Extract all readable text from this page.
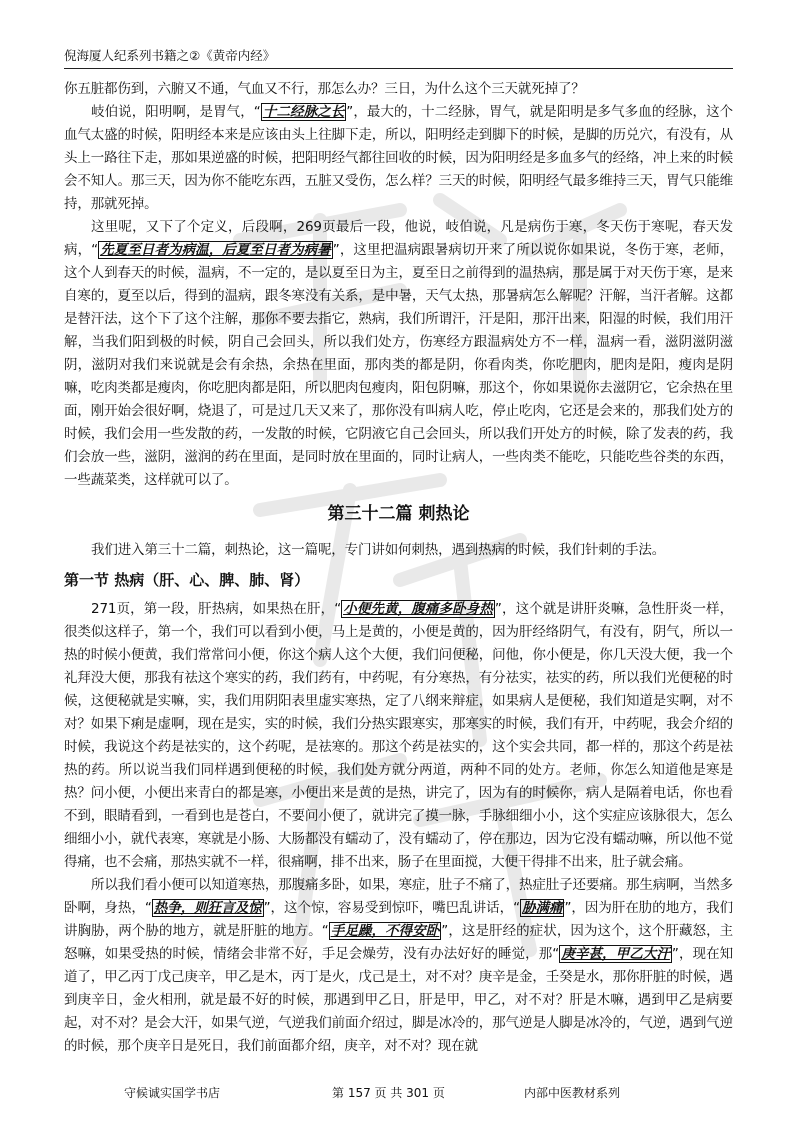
倪海厦人纪系列书籍之②《黄帝内经》

你五脏都伤到，六腑又不通，气血又不行，那怎么办？三日，为什么这个三天就死掉了？

岐伯说，阳明啊，是胃气，“ 十二经脉之长 ”，最大的，十二经脉，胃气，就是阳明是多气多血的经脉，这个血气太盛的时候，阳明经本来是应该由头上往脚下走，所以，阳明经走到脚下的时候，是脚的历兑穴，有没有，从头上一路往下走，那如果逆盛的时候，把阳明经气都往回收的时候，因为阳明经是多血多气的经络，冲上来的时候会不知人。那三天，因为你不能吃东西，五脏又受伤，怎么样？三天的时候，阳明经气最多维持三天，胃气只能维持，那就死掉。

这里呢，又下了个定义，后段啊，269页最后一段，他说，岐伯说，凡是病伤于寒，冬天伤于寒呢，春天发病，“ 先夏至日者为病温，后夏至日者为病暑 ”，这里把温病跟暑病切开来了所以说你如果说，冬伤于寒，老师，这个人到春天的时候，温病，不一定的，是以夏至日为主，夏至日之前得到的温热病，那是属于对天伤于寒，是来自寒的，夏至以后，得到的温病，跟冬寒没有关系，是中暑，天气太热，那暑病怎么解呢？汗解，当汗者解。这都是替汗法，这个下了这个注解，那你不要去指它，熟病，我们所谓汗，汗是阳，那汗出来，阳湿的时候，我们用汗解，当我们阳到极的时候，阴自己会回头，所以我们处方，伤寒经方跟温病处方不一样，温病一看，滋阴滋阴滋阴，滋阴对我们来说就是会有余热，余热在里面，那肉类的都是阴，你看肉类，你吃肥肉，肥肉是阳，瘦肉是阴嘛，吃肉类都是瘦肉，你吃肥肉都是阳，所以肥肉包瘦肉，阳包阴嘛，那这个，你如果说你去滋阴它，它余热在里面，刚开始会很好啊，烧退了，可是过几天又来了，那你没有叫病人吃，停止吃肉，它还是会来的，那我们处方的时候，我们会用一些发散的药，一发散的时候，它阴液它自己会回头，所以我们开处方的时候，除了发表的药，我们会放一些，滋阴，滋润的药在里面，是同时放在里面的，同时让病人，一些肉类不能吃，只能吃些谷类的东西，一些蔬菜类，这样就可以了。

第三十二篇 刺热论

我们进入第三十二篇，刺热论，这一篇呢，专门讲如何刺热，遇到热病的时候，我们针刺的手法。

第一节 热病（肝、心、脾、肺、肾）

271页，第一段，肝热病，如果热在肝，“ 小便先黄，腹痛多卧身热 ”，这个就是讲肝炎嘛，急性肝炎一样，很类似这样子，第一个，我们可以看到小便，马上是黄的，小便是黄的，因为肝经络阴气，有没有，阴气，所以一热的时候小便黄，我们常常问小便，你这个病人这个大便，我们问便秘，问他，你小便是，你几天没大便，我一个礼拜没大便，那我有祛这个寒实的药，我们药有，中药呢，有分寒热，有分祛实，祛实的药，所以我们光便秘的时候，这便秘就是实嘛，实，我们用阴阳表里虚实寒热，定了八纲来辩症，如果病人是便秘，我们知道是实啊，对不对？如果下痢是虚啊，现在是实，实的时候，我们分热实跟寒实，那寒实的时候，我们有开，中药呢，我会介绍的时候，我说这个药是祛实的，这个药呢，是祛寒的。那这个药是祛实的，这个实会共同，都一样的，那这个药是祛热的药。所以说当我们同样遇到便秘的时候，我们处方就分两道，两种不同的处方。老师，你怎么知道他是寒是热？问小便，小便出来青白的都是寒，小便出来是黄的是热，讲完了，因为有的时候你，病人是隔着电话，你也看不到，眼睛看到，一看到也是苍白，不要问小便了，就讲完了摸一脉，手脉细细小小，这个实症应该脉很大，怎么细细小小，就代表寒，寒就是小肠、大肠都没有蠕动了，没有蠕动了，停在那边，因为它没有蠕动嘛，所以他不觉得痛，也不会痛，那热实就不一样，很痛啊，排不出来，肠子在里面搅，大便干得排不出来，肚子就会痛。

所以我们看小便可以知道寒热，那腹痛多卧，如果，寒症，肚子不痛了，热症肚子还要痛。那生病啊，当然多卧啊，身热，“ 热争，则狂言及惊 ”，这个惊，容易受到惊吓，嘴巴乱讲话，“ 胁满痛 ”，因为肝在肋的地方，我们讲胸胁，两个胁的地方，就是肝脏的地方。“ 手足躁，不得安卧 ”，这是肝经的症状，因为这个，这个肝藏怒，主怒嘛，如果受热的时候，情绪会非常不好，手足会燥劳，没有办法好好的睡觉，那“ 庚辛甚，甲乙大汗 ”，现在知道了，甲乙丙丁戊己庚辛，甲乙是木，丙丁是火，戊己是土，对不对？庚辛是金，壬癸是水，那你肝脏的时候，遇到庚辛日，金火相刑，就是最不好的时候，那遇到甲乙日，肝是甲，甲乙，对不对？肝是木嘛，遇到甲乙是病要起，对不对？是会大汗，如果气逆，气逆我们前面介绍过，脚是冰冷的，那气逆是人脚是冰冷的，气逆，遇到气逆的时候，那个庚辛日是死日，我们前面都介绍，庚辛，对不对？现在就

守候诚实国学书店	第 157 页 共 301 页	内部中医教材系列
